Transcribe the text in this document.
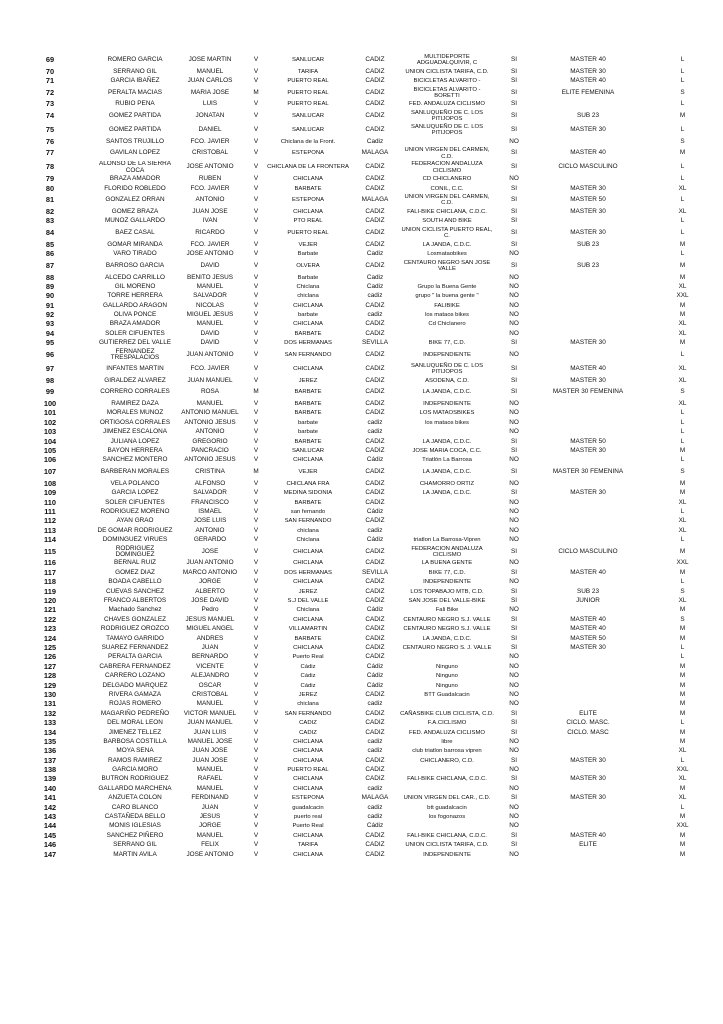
69	ROMERO GARCIA	JOSE MARTIN	V	SANLUCAR	CADIZ	MULTIDEPORTE ADGUADALQUIVIR, C	SI	MASTER 40	L
70	SERRANO GIL	MANUEL	V	TARIFA	CADIZ	UNION CICLISTA TARIFA, C.D.	SI	MASTER 30	L
71	GARCIA IBAÑEZ	JUAN CARLOS	V	PUERTO REAL	CADIZ	BICICLETAS ALVARITO -	SI	MASTER 40	L
72	PERALTA MACIAS	MARIA JOSE	M	PUERTO REAL	CADIZ	BICICLETAS ALVARITO - BORETTI	SI	ELITE FEMENINA	S
73	RUBIO PEÑA	LUIS	V	PUERTO REAL	CADIZ	FED. ANDALUZA CICLISMO	SI		L
74	GOMEZ PARTIDA	JONATAN	V	SANLUCAR	CADIZ	SANLUQUEÑO DE C. LOS PITIJOPOS	SI	SUB 23	M
75	GOMEZ PARTIDA	DANIEL	V	SANLUCAR	CADIZ	SANLUQUEÑO DE C. LOS PITIJOPOS	SI	MASTER 30	L
76	SANTOS TRUJILLO	FCO. JAVIER	V	Chiclana de la Front.	Cadiz		NO		S
77	GAVILAN LOPEZ	CRISTOBAL	V	ESTEPONA	MALAGA	UNION VIRGEN DEL CARMEN, C.D.	SI	MASTER 40	M
78	ALONSO DE LA SIERRA COCA	JOSE ANTONIO	V	CHICLANA DE LA FRONTERA	CADIZ	FEDERACION ANDALUZA CICLISMO	SI	CICLO MASCULINO	L
79	BRAZA AMADOR	RUBEN	V	CHICLANA	CADIZ	CD CHICLANERO	NO		L
80	FLORIDO ROBLEDO	FCO. JAVIER	V	BARBATE	CADIZ	CONIL, C.C.	SI	MASTER 30	XL
81	GONZALEZ ORRAN	ANTONIO	V	ESTEPONA	MALAGA	UNION VIRGEN DEL CARMEN, C.D.	SI	MASTER 50	L
82	GOMEZ BRAZA	JUAN JOSE	V	CHICLANA	CADIZ	FALI-BIKE CHICLANA, C.D.C.	SI	MASTER 30	XL
83	MUÑOZ GALLARDO	IVAN	V	PTO REAL	CADIZ	SOUTH AND BIKE	SI		L
84	BAEZ CASAL	RICARDO	V	PUERTO REAL	CADIZ	UNION CICLISTA PUERTO REAL, C.	SI	MASTER 30	L
85	GOMAR MIRANDA	FCO. JAVIER	V	VEJER	CADIZ	LA JANDA, C.D.C.	SI	SUB 23	M
86	VARO TIRADO	JOSE ANTONIO	V	Barbate	Cadiz	Losmataobikes	NO		L
87	BARROSO GARCIA	DAVID	V	OLVERA	CADIZ	CENTAURO NEGRO SAN JOSE VALLE	SI	SUB 23	M
88	ALCEDO CARRILLO	BENITO JESUS	V	Barbate	Cadiz		NO		M
89	GIL MORENO	MANUEL	V	Chiclana	Cadiz	Grupo la Buena Gente	NO		XL
90	TORRE HERRERA	SALVADOR	V	chiclana	cadiz	grupo " la buena gente "	NO		XXL
91	GALLARDO ARAGON	NICOLAS	V	CHICLANA	CADIZ	FALIBIKE	NO		M
92	OLIVA PONCE	MIGUEL JESUS	V	barbate	cadiz	los mataos bikes	NO		M
93	BRAZA AMADOR	MANUEL	V	CHICLANA	CADIZ	Cd Chiclanero	NO		XL
94	SOLER CIFUENTES	DAVID	V	BARBATE	CADIZ		NO		XL
95	GUTIERREZ DEL VALLE	DAVID	V	DOS HERMANAS	SEVILLA	BIKE 77, C.D.	SI	MASTER 30	M
96	FERNANDEZ TRESPALACIOS	JUAN ANTONIO	V	SAN FERNANDO	CADIZ	INDEPENDIENTE	NO		L
97	INFANTES MARTIN	FCO. JAVIER	V	CHICLANA	CADIZ	SANLUQUEÑO DE C. LOS PITIJOPOS	SI	MASTER 40	XL
98	GIRALDEZ ALVAREZ	JUAN MANUEL	V	JEREZ	CADIZ	ASODENA, C.D.	SI	MASTER 30	XL
99	CORRERO CORRALES	ROSA	M	BARBATE	CADIZ	LA JANDA, C.D.C.	SI	MASTER 30 FEMENINA	S
100	RAMIREZ DAZA	MANUEL	V	BARBATE	CADIZ	INDEPENDIENTE	NO		XL
101	MORALES MUÑOZ	ANTONIO MANUEL	V	BARBATE	CADIZ	LOS MATAOSBIKES	NO		L
102	ORTIGOSA CORRALES	ANTONIO JESUS	V	barbate	cadiz	los mataos bikes	NO		L
103	JIMENEZ ESCALONA	ANTONIO	V	barbate	cadiz		NO		L
104	JULIANA LOPEZ	GREGORIO	V	BARBATE	CADIZ	LA JANDA, C.D.C.	SI	MASTER 50	L
105	BAYON HERRERA	PANCRACIO	V	SANLUCAR	CADIZ	JOSE MARIA COCA, C.C.	SI	MASTER 30	M
106	SANCHEZ MONTERO	ANTONIO JESUS	V	CHICLANA	Cádiz	Triatlón La Barrosa	NO		L
107	BARBERAN MORALES	CRISTINA	M	VEJER	CADIZ	LA JANDA, C.D.C.	SI	MASTER 30 FEMENINA	S
108	VELA POLANCO	ALFONSO	V	CHICLANA FRA	CADIZ	CHAMORRO ORTIZ	NO		M
109	GARCIA LOPEZ	SALVADOR	V	MEDINA SIDONIA	CADIZ	LA JANDA, C.D.C.	SI	MASTER 30	M
110	SOLER CIFUENTES	FRANCISCO	V	BARBATE	CADIZ		NO		XL
111	RODRIGUEZ MORENO	ISMAEL	V	san fernando	Cádiz		NO		L
112	AYAN GRAO	JOSE LUIS	V	SAN FERNANDO	CADIZ		NO		XL
113	DE GOMAR RODRIGUEZ	ANTONIO	V	chiclana	cadiz		NO		XL
114	DOMINGUEZ VIRUES	GERARDO	V	Chiclana	Cádiz	triatlon La Barrosa-Vipren	NO		L
115	RODRIGUEZ DOMINGUEZ	JOSE	V	CHICLANA	CADIZ	FEDERACION ANDALUZA CICLISMO	SI	CICLO MASCULINO	M
116	BERNAL RUIZ	JUAN ANTONIO	V	CHICLANA	CADIZ	LA BUENA GENTE	NO		XXL
117	GOMEZ DIAZ	MARCO ANTONIO	V	DOS HERMANAS	SEVILLA	BIKE 77, C.D.	SI	MASTER 40	M
118	BOADA CABELLO	JORGE	V	CHICLANA	CADIZ	INDEPENDIENTE	NO		L
119	CUEVAS SANCHEZ	ALBERTO	V	JEREZ	CADIZ	LOS TOPABAJO MTB, C.D.	SI	SUB 23	S
120	FRANCO ALBERTOS	JOSE DAVID	V	S.J DEL VALLE	CADIZ	SAN JOSE DEL VALLE-BIKE	SI	JUNIOR	XL
121	Machado Sanchez	Pedro	V	Chiclana	Cádiz	Fali Bike	NO		M
122	CHAVES GONZALEZ	JESUS MANUEL	V	CHICLANA	CADIZ	CENTAURO NEGRO S.J. VALLE	SI	MASTER 40	S
123	RODRIGUEZ OROZCO	MIGUEL ANGEL	V	VILLAMARTIN	CADIZ	CENTAURO NEGRO S.J. VALLE	SI	MASTER 40	M
124	TAMAYO GARRIDO	ANDRES	V	BARBATE	CADIZ	LA JANDA, C.D.C.	SI	MASTER 50	M
125	SUAREZ FERNANDEZ	JUAN	V	CHICLANA	CADIZ	CENTAURO NEGRO S. J. VALLE	SI	MASTER 30	L
126	PERALTA GARCIA	BERNARDO	V	Puerto Real	CADIZ		NO		L
127	CABRERA FERNANDEZ	VICENTE	V	Cádiz	Cádiz	Ninguno	NO		M
128	CARRERO LOZANO	ALEJANDRO	V	Cádiz	Cádiz	Ninguno	NO		M
129	DELGADO MARQUEZ	OSCAR	V	Cádiz	Cádiz	Ninguno	NO		M
130	RIVERA GAMAZA	CRISTOBAL	V	JEREZ	CADIZ	BTT Guadalcacin	NO		M
131	ROJAS ROMERO	MANUEL	V	chiclana	cadiz		NO		M
132	MAGARIÑO PEDREÑO	VICTOR MANUEL	V	SAN FERNANDO	CADIZ	CAÑASBIKE CLUB CICLISTA, C.D.	SI	ELITE	M
133	DEL MORAL LEON	JUAN MANUEL	V	CADIZ	CADIZ	F.A.CICLISMO	SI	CICLO. MASC.	L
134	JIMENEZ TELLEZ	JUAN LUIS	V	CADIZ	CADIZ	FED. ANDALUZA CICLISMO	SI	CICLO. MASC	M
135	BARBOSA COSTILLA	MANUEL JOSE	V	CHICLANA	cadiz	libre	NO		M
136	MOYA SENA	JUAN JOSE	V	CHICLANA	cadiz	club triatlon barrosa vipren	NO		XL
137	RAMOS RAMIREZ	JUAN JOSE	V	CHICLANA	CADIZ	CHICLANERO, C.D.	SI	MASTER 30	L
138	GARCIA MORO	MANUEL	V	PUERTO REAL	CADIZ		NO		XXL
139	BUTRON RODRIGUEZ	RAFAEL	V	CHICLANA	CADIZ	FALI-BIKE CHICLANA, C.D.C.	SI	MASTER 30	XL
140	GALLARDO MARCHENA	MANUEL	V	CHICLANA	cadiz		NO		M
141	ANZUETA COLON	FERDINAND	V	ESTEPONA	MALAGA	UNION VIRGEN DEL CAR., C.D.	SI	MASTER 30	XL
142	CARO BLANCO	JUAN	V	guadalcacin	cadiz	btt guadalcacin	NO		L
143	CASTAÑEDA BELLO	JESUS	V	puerto real	cadiz	los fogonazos	NO		M
144	MONIS IGLESIAS	JORGE	V	Puerto Real	Cádiz		NO		XXL
145	SANCHEZ PIÑERO	MANUEL	V	CHICLANA	CADIZ	FALI-BIKE CHICLANA, C.D.C.	SI	MASTER 40	M
146	SERRANO GIL	FELIX	V	TARIFA	CADIZ	UNION CICLISTA TARIFA, C.D.	SI	ELITE	M
147	MARTIN AVILA	JOSE ANTONIO	V	CHICLANA	CADIZ	INDEPENDIENTE	NO		M
